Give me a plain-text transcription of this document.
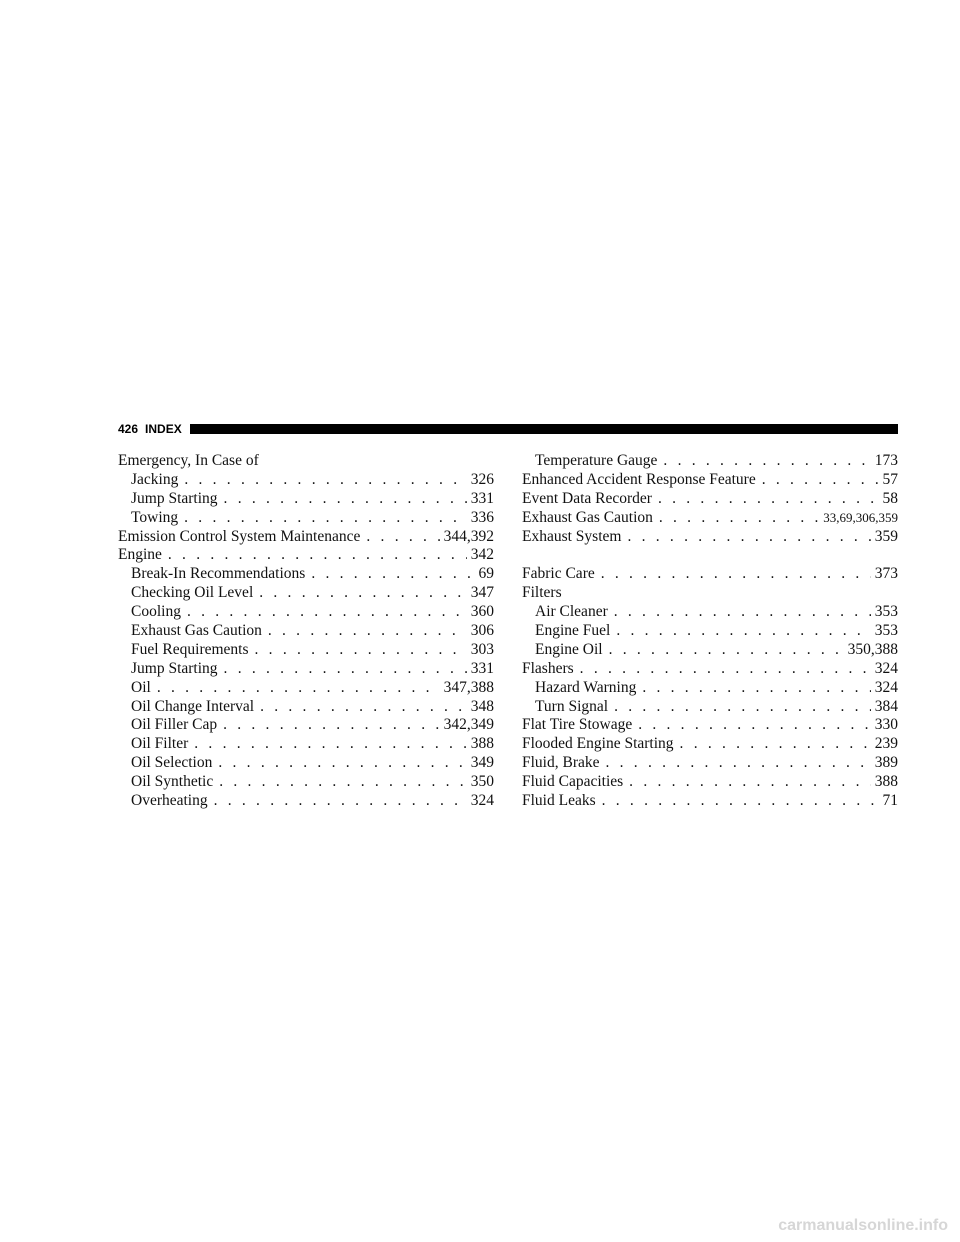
426 INDEX
Emergency, In Case of
Jacking . . .	326
Jump Starting . . .	331
Towing . . .	336
Emission Control System Maintenance . . .	344,392
Engine . . .	342
Break-In Recommendations . . .	69
Checking Oil Level . . .	347
Cooling . . .	360
Exhaust Gas Caution . . .	306
Fuel Requirements . . .	303
Jump Starting . . .	331
Oil . . .	347,388
Oil Change Interval . . .	348
Oil Filler Cap . . .	342,349
Oil Filter . . .	388
Oil Selection . . .	349
Oil Synthetic . . .	350
Overheating . . .	324
Temperature Gauge . . .	173
Enhanced Accident Response Feature . . .	57
Event Data Recorder . . .	58
Exhaust Gas Caution . . .	33,69,306,359
Exhaust System . . .	359
Fabric Care . . .	373
Filters
Air Cleaner . . .	353
Engine Fuel . . .	353
Engine Oil . . .	350,388
Flashers . . .	324
Hazard Warning . . .	324
Turn Signal . . .	384
Flat Tire Stowage . . .	330
Flooded Engine Starting . . .	239
Fluid, Brake . . .	389
Fluid Capacities . . .	388
Fluid Leaks . . .	71
carmanualsonline.info
